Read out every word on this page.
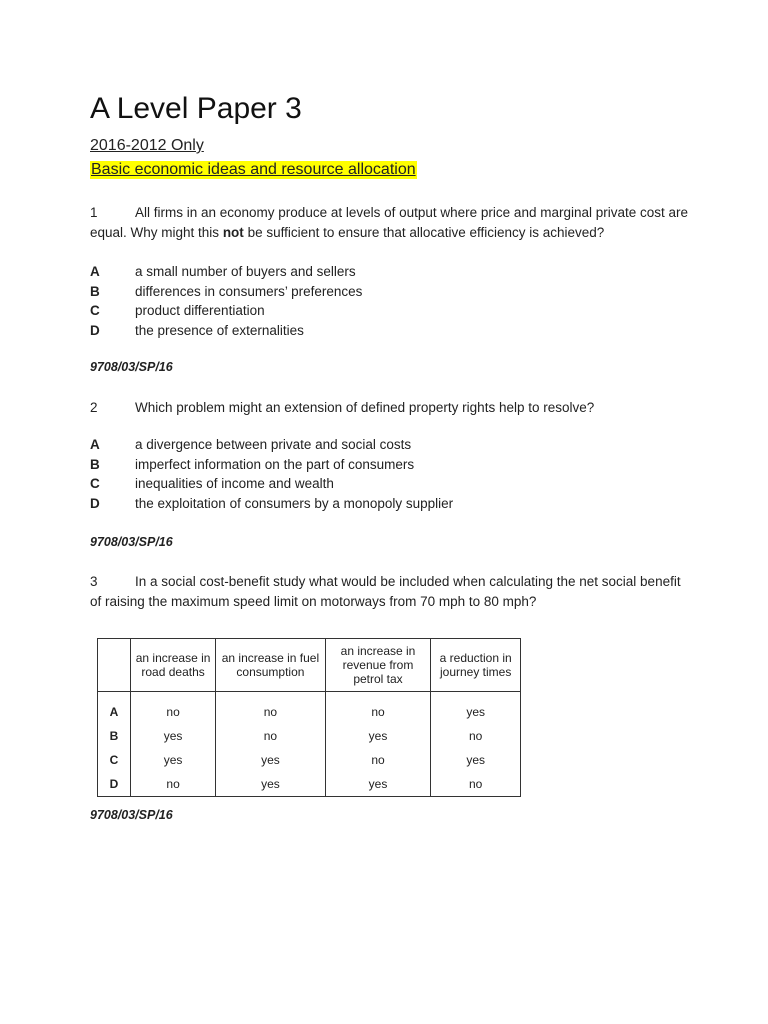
A Level Paper 3
2016-2012 Only
Basic economic ideas and resource allocation
1	All firms in an economy produce at levels of output where price and marginal private cost are equal. Why might this not be sufficient to ensure that allocative efficiency is achieved?
A	a small number of buyers and sellers
B	differences in consumers’ preferences
C	product differentiation
D	the presence of externalities
9708/03/SP/16
2	Which problem might an extension of defined property rights help to resolve?
A	a divergence between private and social costs
B	imperfect information on the part of consumers
C	inequalities of income and wealth
D	the exploitation of consumers by a monopoly supplier
9708/03/SP/16
3	In a social cost-benefit study what would be included when calculating the net social benefit of raising the maximum speed limit on motorways from 70 mph to 80 mph?
	an increase in road deaths	an increase in fuel consumption	an increase in revenue from petrol tax	a reduction in journey times
A	no	no	no	yes
B	yes	no	yes	no
C	yes	yes	no	yes
D	no	yes	yes	no
9708/03/SP/16
